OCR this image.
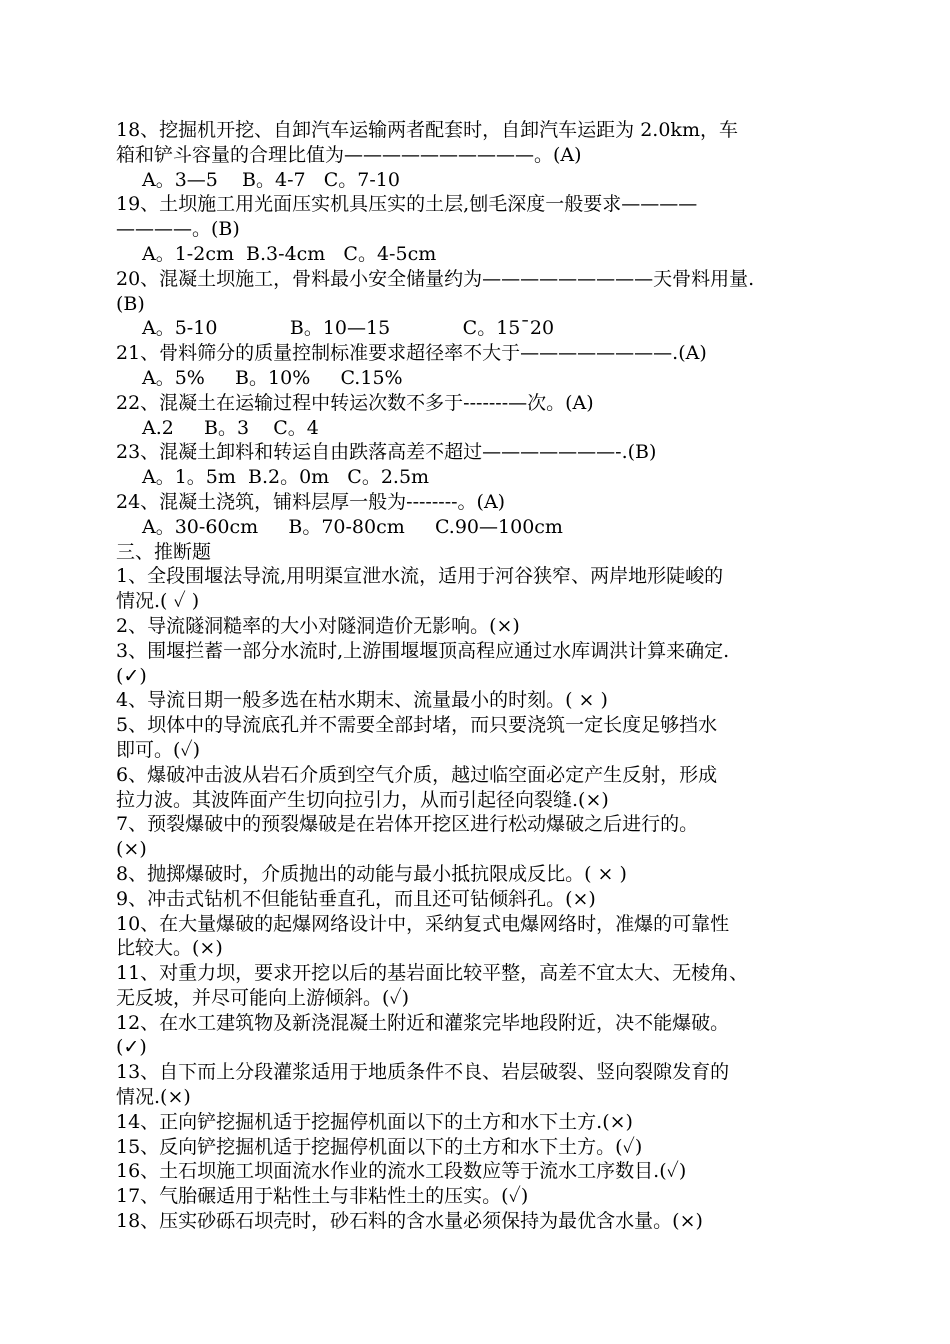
18、挖掘机开挖、自卸汽车运输两者配套时，自卸汽车运距为 2.0km，车
箱和铲斗容量的合理比值为——————————。(A)
A。3—5    B。4-7   C。7-10
19、土坝施工用光面压实机具压实的土层,刨毛深度一般要求————
————。(B)
A。1-2cm  B.3-4cm   C。4-5cm
20、混凝土坝施工，骨料最小安全储量约为—————————天骨料用量.
(B)
A。5-10            B。10—15            C。15¯20
21、骨料筛分的质量控制标准要求超径率不大于————————.(A)
A。5%     B。10%     C.15%
22、混凝土在运输过程中转运次数不多于-------—次。(A)
A.2     B。3    C。4
23、混凝土卸料和转运自由跌落高差不超过———————-.(B)
A。1。5m  B.2。0m   C。2.5m
24、混凝土浇筑，铺料层厚一般为--------。(A)
A。30-60cm     B。70-80cm     C.90—100cm
三、推断题
1、全段围堰法导流,用明渠宣泄水流，适用于河谷狭窄、两岸地形陡峻的
情况.( ✓ )
2、导流隧洞糙率的大小对隧洞造价无影响。(×)
3、围堰拦蓄一部分水流时,上游围堰堰顶高程应通过水库调洪计算来确定.
(✓)
4、导流日期一般多选在枯水期末、流量最小的时刻。( × )
5、坝体中的导流底孔并不需要全部封堵，而只要浇筑一定长度足够挡水
即可。(✓)
6、爆破冲击波从岩石介质到空气介质，越过临空面必定产生反射，形成
拉力波。其波阵面产生切向拉引力，从而引起径向裂缝.(×)
7、预裂爆破中的预裂爆破是在岩体开挖区进行松动爆破之后进行的。
(×)
8、抛掷爆破时，介质抛出的动能与最小抵抗限成反比。( × )
9、冲击式钻机不但能钻垂直孔，而且还可钻倾斜孔。(×)
10、在大量爆破的起爆网络设计中，采纳复式电爆网络时，准爆的可靠性
比较大。(×)
11、对重力坝，要求开挖以后的基岩面比较平整，高差不宜太大、无棱角、
无反坡，并尽可能向上游倾斜。(✓)
12、在水工建筑物及新浇混凝土附近和灌浆完毕地段附近，决不能爆破。
(✓)
13、自下而上分段灌浆适用于地质条件不良、岩层破裂、竖向裂隙发育的
情况.(×)
14、正向铲挖掘机适于挖掘停机面以下的土方和水下土方.(×)
15、反向铲挖掘机适于挖掘停机面以下的土方和水下土方。(✓)
16、土石坝施工坝面流水作业的流水工段数应等于流水工序数目.(✓)
17、气胎碾适用于粘性土与非粘性土的压实。(✓)
18、压实砂砾石坝壳时，砂石料的含水量必须保持为最优含水量。(×)
